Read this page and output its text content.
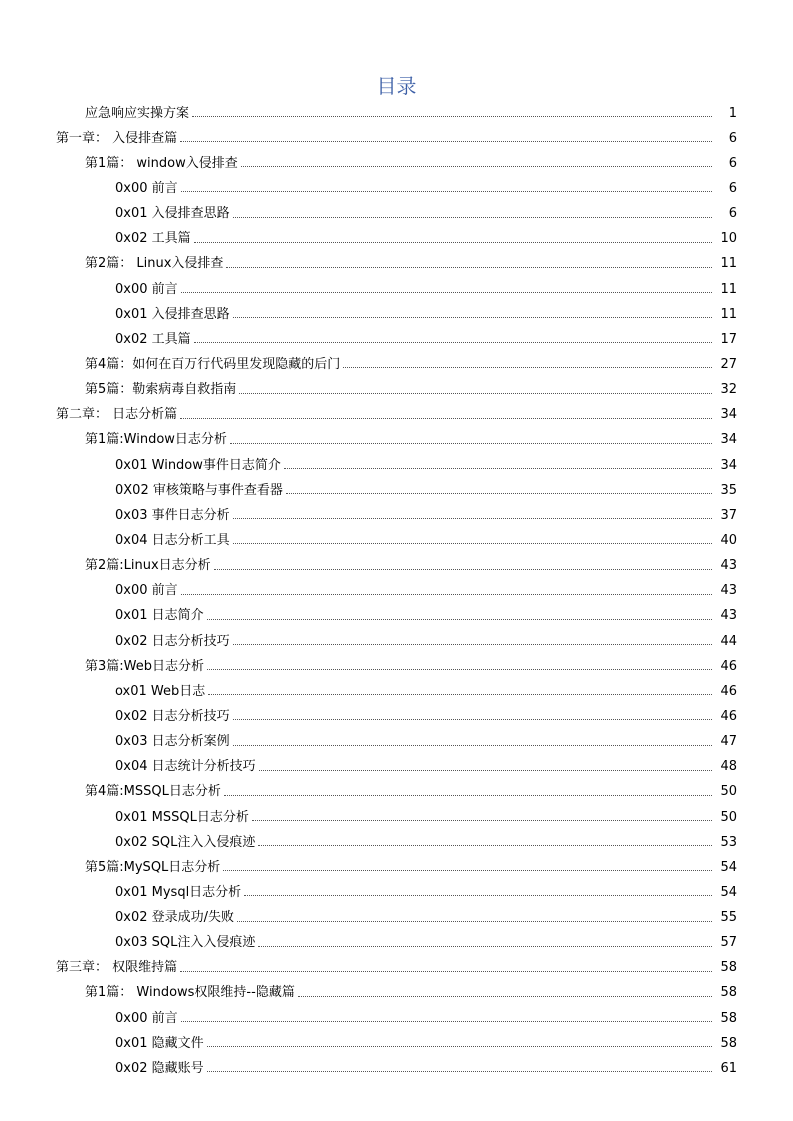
目录
应急响应实操方案	1
第一章： 入侵排查篇	6
第1篇： window入侵排查	6
0x00 前言	6
0x01 入侵排查思路	6
0x02 工具篇	10
第2篇： Linux入侵排查	11
0x00 前言	11
0x01 入侵排查思路	11
0x02 工具篇	17
第4篇：如何在百万行代码里发现隐藏的后门	27
第5篇：勒索病毒自救指南	32
第二章： 日志分析篇	34
第1篇:Window日志分析	34
0x01 Window事件日志简介	34
0X02 审核策略与事件查看器	35
0x03 事件日志分析	37
0x04 日志分析工具	40
第2篇:Linux日志分析	43
0x00 前言	43
0x01 日志简介	43
0x02 日志分析技巧	44
第3篇:Web日志分析	46
ox01 Web日志	46
0x02 日志分析技巧	46
0x03 日志分析案例	47
0x04 日志统计分析技巧	48
第4篇:MSSQL日志分析	50
0x01 MSSQL日志分析	50
0x02 SQL注入入侵痕迹	53
第5篇:MySQL日志分析	54
0x01 Mysql日志分析	54
0x02 登录成功/失败	55
0x03 SQL注入入侵痕迹	57
第三章： 权限维持篇	58
第1篇： Windows权限维持--隐藏篇	58
0x00 前言	58
0x01 隐藏文件	58
0x02 隐藏账号	61
